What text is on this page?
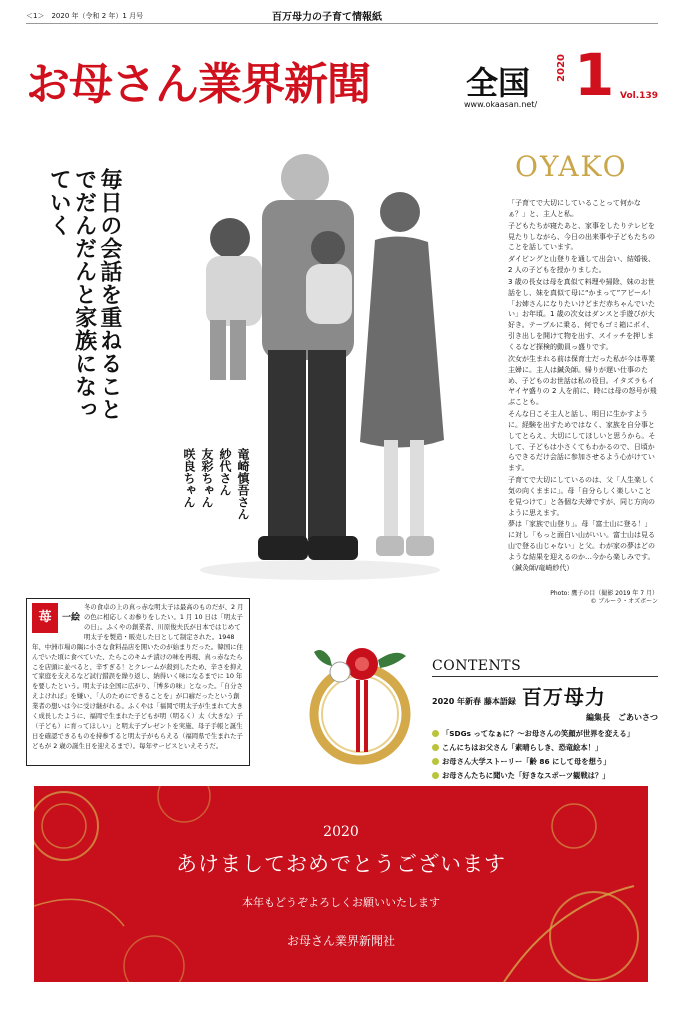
＜1＞　2020 年（令和 2 年）1 月号	百万母力の子育て情報紙
お母さん業界新聞	全国
www.okaasan.net/
2020 1 Vol.139
毎日の会話を重ねることでだんだんと家族になっていく
竜崎慎吾さん
紗代さん
友彩ちゃん
咲良ちゃん
OYAKO

「子育てで大切にしていることって何かなぁ？」と、主人と私。

子どもたちが寝たあと、家事をしたりテレビを見たりしながら、今日の出来事や子どもたちのことを話しています。

ダイビングと山登りを通して出会い、結婚後、2 人の子どもを授かりました。

3 歳の長女は母を真似て料理や掃除、妹のお世話をし、妹を真似て母に“かまって”アピール！「お姉さんになりたいけどまだ赤ちゃんでいたい」お年頃。1 歳の次女はダンスと手遊びが大好き。テーブルに乗る、何でもゴミ箱にポイ、引き出しを開けて物を出す、スイッチを押しまくるなど探検的動員っ盛りです。

次女が生まれる前は保育士だった私が今は専業主婦に。主人は鍼灸師。帰りが遅い仕事のため、子どものお世話は私の役目。イタズラもイヤイヤ盛りの 2 人を前に、時には母の怒号が飛ぶことも。

そんな日こそ主人と話し、明日に生かすように。経験を出すためではなく、家族を自分事としてとらえ、大切にしてほしいと思うから。そして、子どもは小さくてもわかるので、日頃からできるだけ会話に参加させるよう心がけています。

子育てで大切にしているのは、父「人生楽しく気の向くままに」。母「自分らしく楽しいことを見つけて」と各個な夫婦ですが、同じ方向のように思えます。

夢は「家族で山登り」。母「富士山に登る！」に対し「もっと面白い山がいい。富士山は見る山で登る山じゃない」と父。わが家の夢はどのような結果を迎えるのか…今から楽しみです。（鍼灸師/竜崎紗代）

Photo: 鷹子の目（撮影 2019 年 7 月）
© ブルーラ・オズボーン
苺	一絵
冬の食卓の上の真っ赤な明太子は最高のものだが、2 月の色に相応しくお参りをしたい。1 月 10 日は「明太子の日」。ふくやの創業者、川原俊夫氏が日本ではじめて明太子を製造・販売した日として制定された。1948 年、中洲市場の隅に小さな食料品店を開いたのが始まりだった。韓国に住んでいた頃に食べていた、たらこのキムチ漬けの味を再現、真っ赤なたらこを店頭に並べると、辛すぎる！とクレームが殺到したため、辛さを抑えて家庭を支えるなど試行錯誤を繰り返し、納得いく味になるまでに 10 年を要したという。明太子は全国に広がり、「博多の味」となった。「自分さえよければ」を嫌い、「人のためにできることを」が口癖だったという創業者の想いは今に受け継がれる。ふくやは「福岡で明太子が生まれて大きく成長したように、福岡で生まれた子どもが明（明るく）太（大きな）子（子ども）に育ってほしい」と明太子プレゼントを実施、母子手帳と誕生日を確認できるものを持参すると明太子がもらえる（福岡県で生まれた子どもが 2 歳の誕生日を迎えるまで）。毎年サービスといえそうだ。
CONTENTS
2020 年新春 藤本語録 百万母力
編集長　ごあいさつ
「SDGs ってなぁに？〜お母さんの笑顔が世界を変える」
こんにちはお父さん「素晴らしき、恐竜絵本！」
お母さん大学ストーリー「齢 86 にして母を想う」
お母さんたちに聞いた「好きなスポーツ観戦は？」
2020
あけましておめでとうございます
本年もどうぞよろしくお願いいたします
お母さん業界新聞社
